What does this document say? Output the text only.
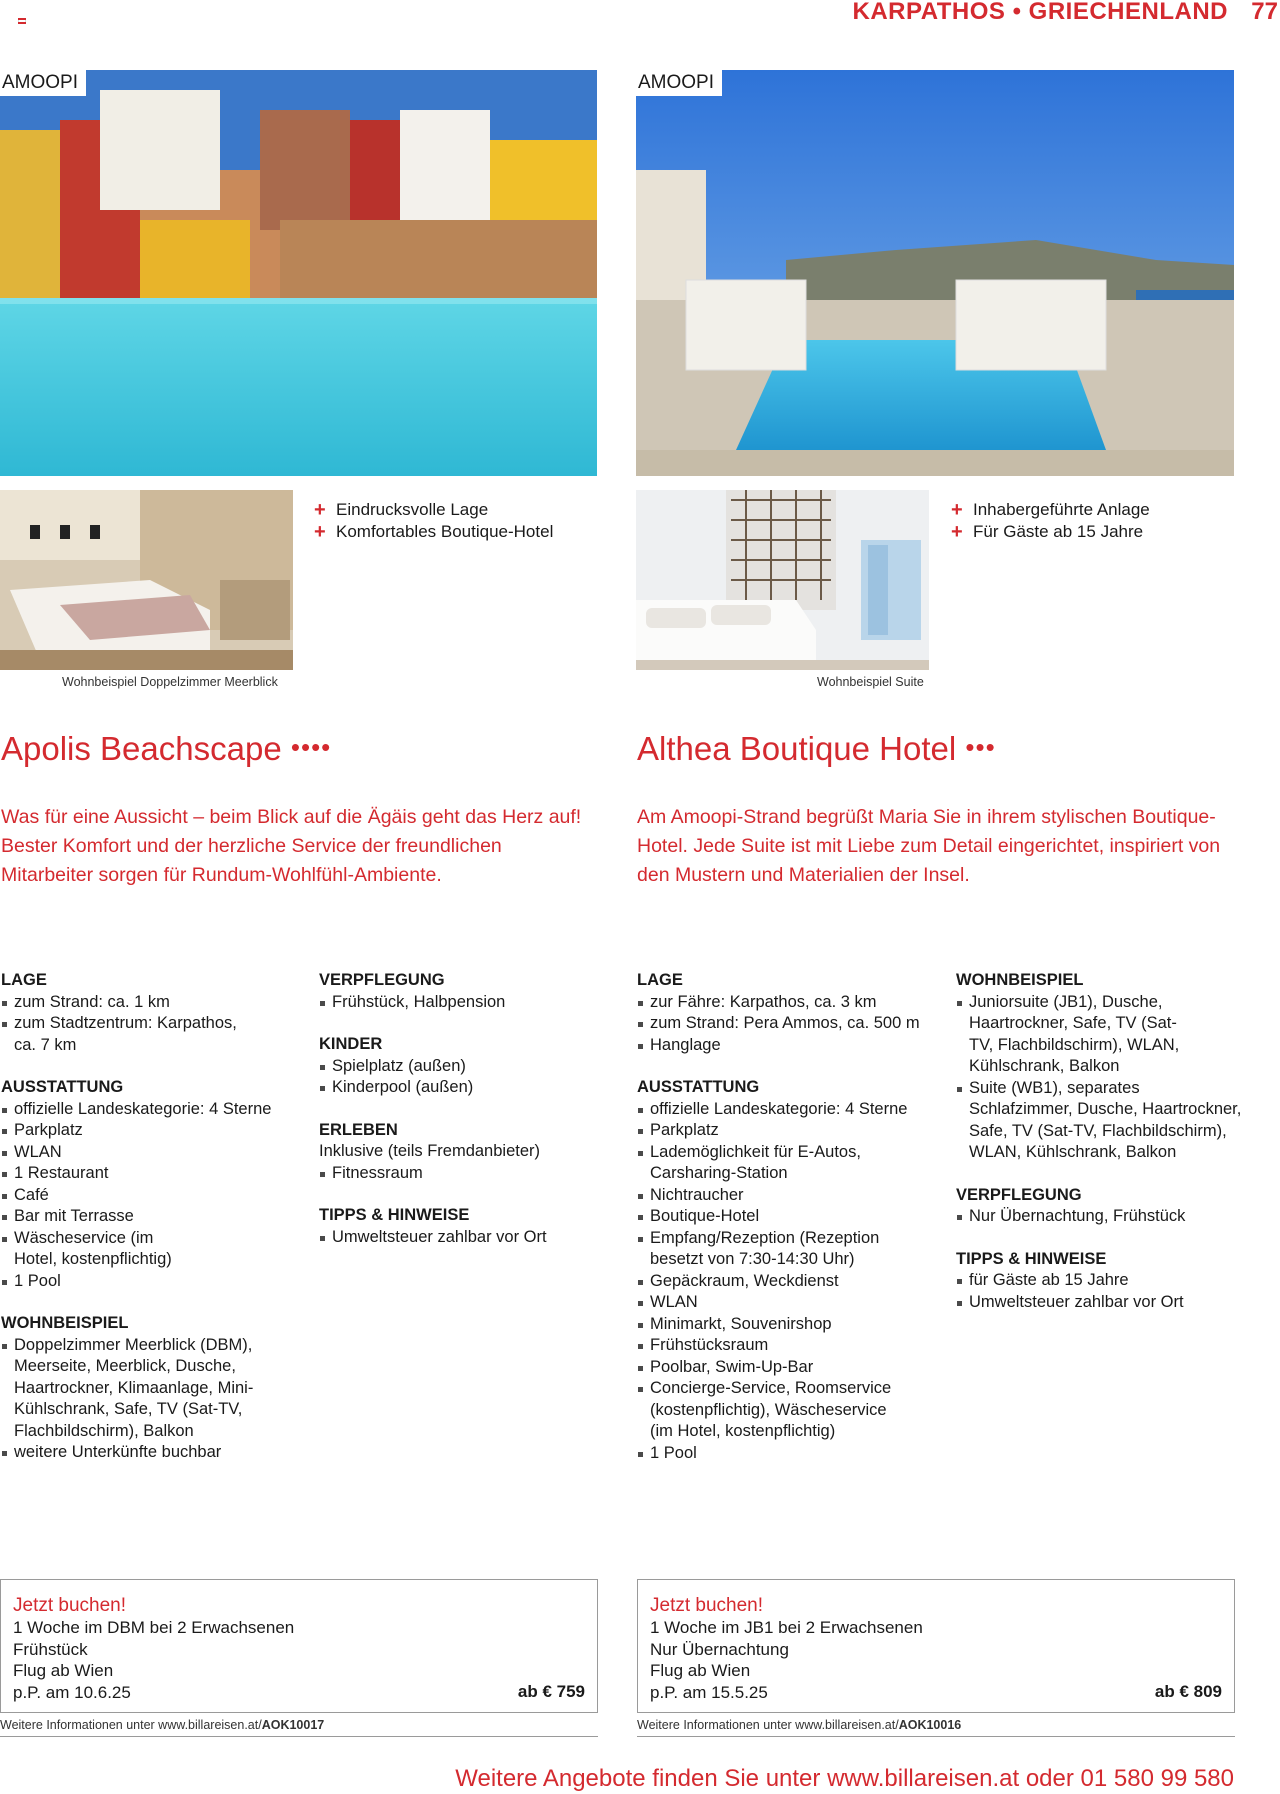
KARPATHOS • GRIECHENLAND 77
AMOOPI	AMOOPI
Wohnbeispiel Doppelzimmer Meerblick	Wohnbeispiel Suite
+ Eindrucksvolle Lage
+ Komfortables Boutique-Hotel
+ Inhabergeführte Anlage
+ Für Gäste ab 15 Jahre
Apolis Beachscape ••••	Althea Boutique Hotel •••

Was für eine Aussicht – beim Blick auf die Ägäis geht das Herz auf! Bester Komfort und der herzliche Service der freundlichen Mitarbeiter sorgen für Rundum-Wohlfühl-Ambiente.

Am Amoopi-Strand begrüßt Maria Sie in ihrem stylischen Boutique-Hotel. Jede Suite ist mit Liebe zum Detail eingerichtet, inspiriert von den Mustern und Materialien der Insel.

LAGE
zum Strand: ca. 1 km
zum Stadtzentrum: Karpathos, ca. 7 km
AUSSTATTUNG
offizielle Landeskategorie: 4 Sterne
Parkplatz
WLAN
1 Restaurant
Café
Bar mit Terrasse
Wäscheservice (im Hotel, kostenpflichtig)
1 Pool
WOHNBEISPIEL
Doppelzimmer Meerblick (DBM), Meerseite, Meerblick, Dusche, Haartrockner, Klimaanlage, Mini-Kühlschrank, Safe, TV (Sat-TV, Flachbildschirm), Balkon
weitere Unterkünfte buchbar
VERPFLEGUNG
Frühstück, Halbpension
KINDER
Spielplatz (außen)
Kinderpool (außen)
ERLEBEN

Inklusive (teils Fremdanbieter)

Fitnessraum
TIPPS & HINWEISE
Umweltsteuer zahlbar vor Ort
LAGE
zur Fähre: Karpathos, ca. 3 km
zum Strand: Pera Ammos, ca. 500 m
Hanglage
AUSSTATTUNG
offizielle Landeskategorie: 4 Sterne
Parkplatz
Lademöglichkeit für E-Autos, Carsharing-Station
Nichtraucher
Boutique-Hotel
Empfang/Rezeption (Rezeption besetzt von 7:30-14:30 Uhr)
Gepäckraum, Weckdienst
WLAN
Minimarkt, Souvenirshop
Frühstücksraum
Poolbar, Swim-Up-Bar
Concierge-Service, Roomservice (kostenpflichtig), Wäscheservice (im Hotel, kostenpflichtig)
1 Pool
WOHNBEISPIEL
Juniorsuite (JB1), Dusche, Haartrockner, Safe, TV (Sat-TV, Flachbildschirm), WLAN, Kühlschrank, Balkon
Suite (WB1), separates Schlafzimmer, Dusche, Haartrockner, Safe, TV (Sat-TV, Flachbildschirm), WLAN, Kühlschrank, Balkon
VERPFLEGUNG
Nur Übernachtung, Frühstück
TIPPS & HINWEISE
für Gäste ab 15 Jahre
Umweltsteuer zahlbar vor Ort
Jetzt buchen!
1 Woche im DBM bei 2 Erwachsenen
Frühstück
Flug ab Wien
p.P. am 10.6.25	ab € 759
Weitere Informationen unter www.billareisen.at/AOK10017
Jetzt buchen!
1 Woche im JB1 bei 2 Erwachsenen
Nur Übernachtung
Flug ab Wien
p.P. am 15.5.25	ab € 809
Weitere Informationen unter www.billareisen.at/AOK10016
Weitere Angebote finden Sie unter www.billareisen.at oder 01 580 99 580
